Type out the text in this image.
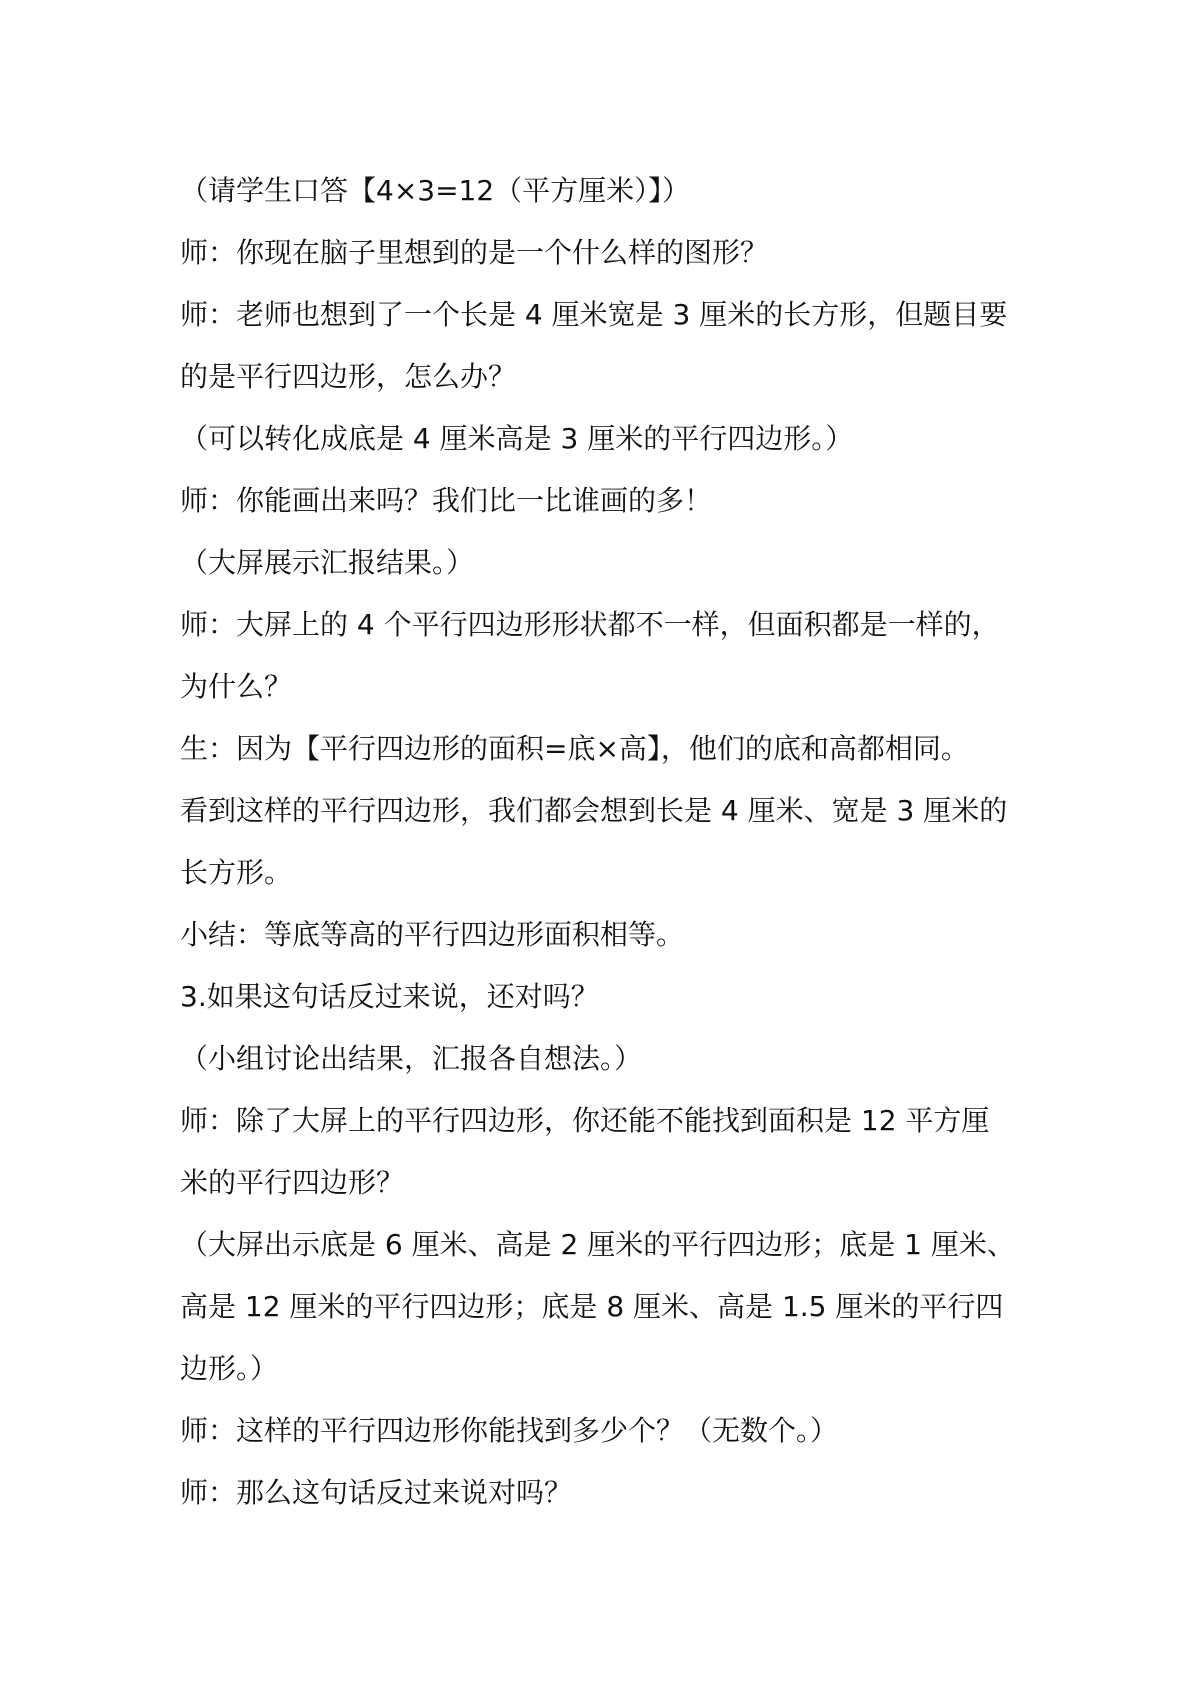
（请学生口答【4×3=12（平方厘米）】）
师：你现在脑子里想到的是一个什么样的图形？
师：老师也想到了一个长是 4 厘米宽是 3 厘米的长方形，但题目要
的是平行四边形，怎么办？
（可以转化成底是 4 厘米高是 3 厘米的平行四边形。）
师：你能画出来吗？我们比一比谁画的多！
（大屏展示汇报结果。）
师：大屏上的 4 个平行四边形形状都不一样，但面积都是一样的，
为什么？
生：因为【平行四边形的面积=底×高】，他们的底和高都相同。
看到这样的平行四边形，我们都会想到长是 4 厘米、宽是 3 厘米的
长方形。
小结：等底等高的平行四边形面积相等。
3.如果这句话反过来说，还对吗？
（小组讨论出结果，汇报各自想法。）
师：除了大屏上的平行四边形，你还能不能找到面积是 12 平方厘
米的平行四边形？
（大屏出示底是 6 厘米、高是 2 厘米的平行四边形；底是 1 厘米、
高是 12 厘米的平行四边形；底是 8 厘米、高是 1.5 厘米的平行四
边形。）
师：这样的平行四边形你能找到多少个？（无数个。）
师：那么这句话反过来说对吗？
